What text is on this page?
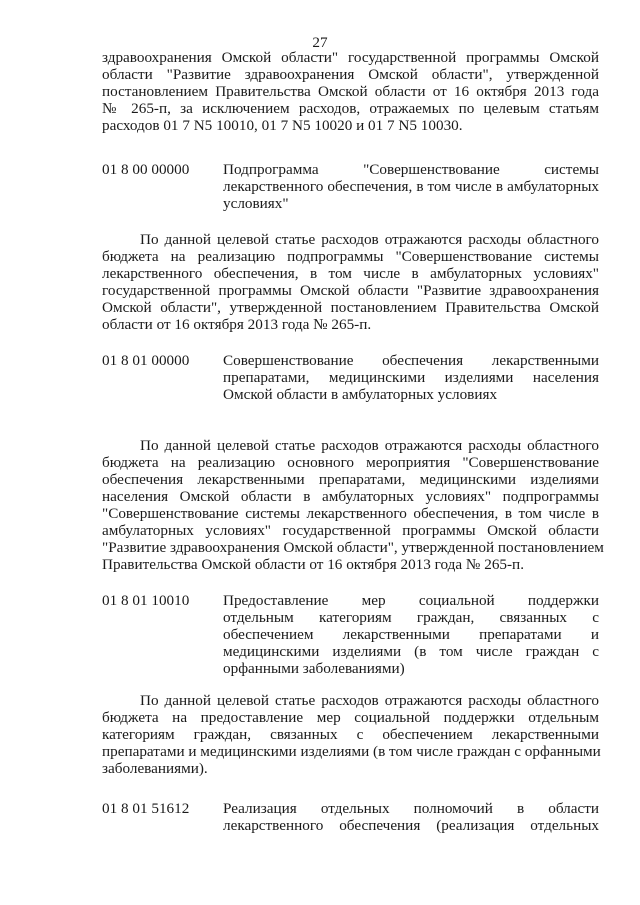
27
здравоохранения Омской области" государственной программы Омской
области "Развитие здравоохранения Омской области", утвержденной
постановлением Правительства Омской области от 16 октября 2013 года
№ 265-п, за исключением расходов, отражаемых по целевым статьям
расходов 01 7 N5 10010, 01 7 N5 10020 и 01 7 N5 10030.
01 8 00 00000	Подпрограмма "Совершенствование системы
лекарственного обеспечения, в том числе в амбулаторных
условиях"
По данной целевой статье расходов отражаются расходы областного
бюджета на реализацию подпрограммы "Совершенствование системы
лекарственного обеспечения, в том числе в амбулаторных условиях"
государственной программы Омской области "Развитие здравоохранения
Омской области", утвержденной постановлением Правительства Омской
области от 16 октября 2013 года № 265-п.
01 8 01 00000	Совершенствование обеспечения лекарственными
препаратами, медицинскими изделиями населения
Омской области в амбулаторных условиях
По данной целевой статье расходов отражаются расходы областного
бюджета на реализацию основного мероприятия "Совершенствование
обеспечения лекарственными препаратами, медицинскими изделиями
населения Омской области в амбулаторных условиях" подпрограммы
"Совершенствование системы лекарственного обеспечения, в том числе в
амбулаторных условиях" государственной программы Омской области
"Развитие здравоохранения Омской области", утвержденной постановлением
Правительства Омской области от 16 октября 2013 года № 265-п.
01 8 01 10010	Предоставление мер социальной поддержки
отдельным категориям граждан, связанных с
обеспечением лекарственными препаратами и
медицинскими изделиями (в том числе граждан с
орфанными заболеваниями)
По данной целевой статье расходов отражаются расходы областного
бюджета на предоставление мер социальной поддержки отдельным
категориям граждан, связанных с обеспечением лекарственными
препаратами и медицинскими изделиями (в том числе граждан с орфанными
заболеваниями).
01 8 01 51612	Реализация отдельных полномочий в области
лекарственного обеспечения (реализация отдельных
